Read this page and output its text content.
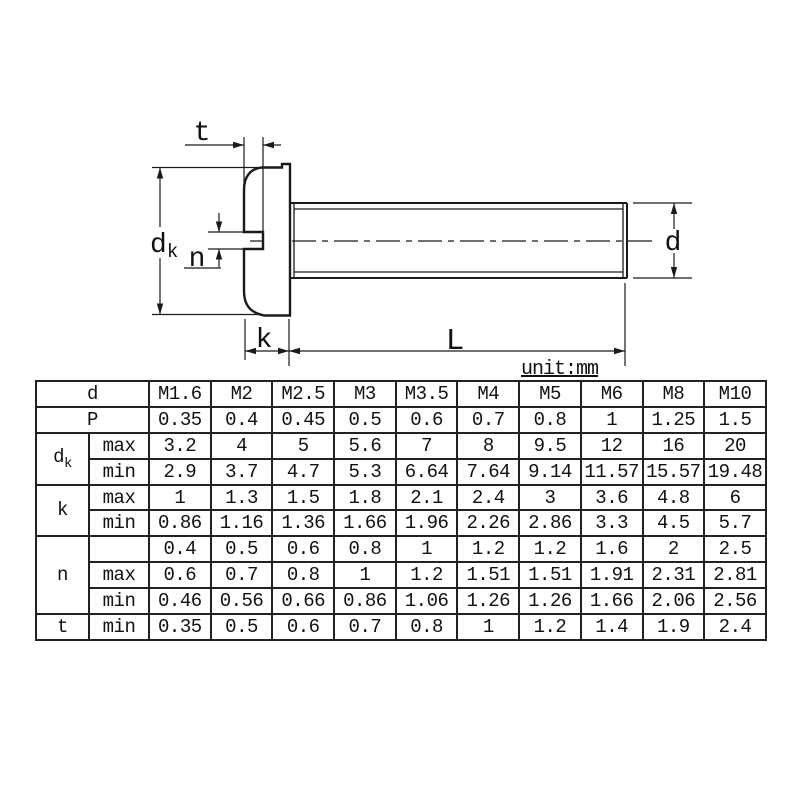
t
dk n
k	L
d
unit:mm
d		M1.6	M2	M2.5	M3	M3.5	M4	M5	M6	M8	M10
P		0.35	0.4	0.45	0.5	0.6	0.7	0.8	1	1.25	1.5
$d_k$	max	3.2	4	5	5.6	7	8	9.5	12	16	20
	min	2.9	3.7	4.7	5.3	6.64	7.64	9.14	11.57	15.57	19.48
k	max	1	1.3	1.5	1.8	2.1	2.4	3	3.6	4.8	6
	min	0.86	1.16	1.36	1.66	1.96	2.26	2.86	3.3	4.5	5.7
n		0.4	0.5	0.6	0.8	1	1.2	1.2	1.6	2	2.5
	max	0.6	0.7	0.8	1	1.2	1.51	1.51	1.91	2.31	2.81
	min	0.46	0.56	0.66	0.86	1.06	1.26	1.26	1.66	2.06	2.56
t	min	0.35	0.5	0.6	0.7	0.8	1	1.2	1.4	1.9	2.4
